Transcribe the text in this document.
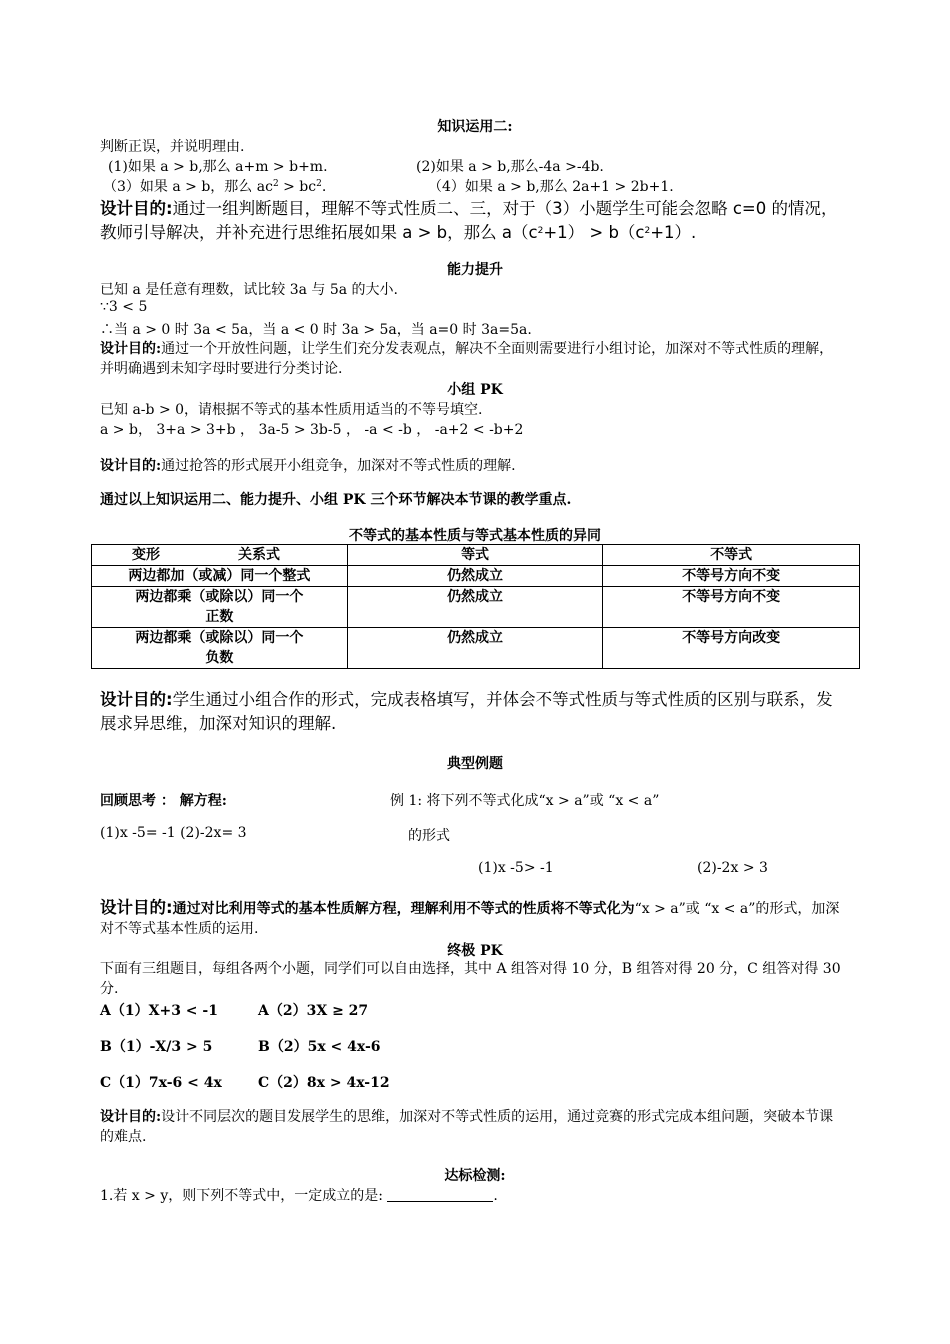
知识运用二:
判断正误，并说明理由.
(1)如果 a > b,那么 a+m > b+m.	(2)如果 a > b,那么-4a >-4b.
（3）如果 a > b，那么 $ac^2 > bc^2$.	（4）如果 a > b,那么 2a+1 > 2b+1.
设计目的:通过一组判断题目，理解不等式性质二、三，对于（3）小题学生可能会忽略 c=0 的情况，教师引导解决，并补充进行思维拓展如果 a > b，那么 $a(c^2+1) > b(c^2+1)$.
能力提升
已知 a 是任意有理数，试比较 3a 与 5a 的大小.
∵3 < 5
∴当 a > 0 时 3a < 5a，当 a < 0 时 3a > 5a，当 a=0 时 3a=5a.
设计目的:通过一个开放性问题，让学生们充分发表观点，解决不全面则需要进行小组讨论，加深对不等式性质的理解，并明确遇到未知字母时要进行分类讨论.
小组 PK
已知 a-b > 0，请根据不等式的基本性质用适当的不等号填空.
a > b， 3+a > 3+b ， 3a-5 > 3b-5 ， -a < -b ， -a+2 < -b+2
设计目的:通过抢答的形式展开小组竞争，加深对不等式性质的理解.
通过以上知识运用二、能力提升、小组 PK 三个环节解决本节课的教学重点.
不等式的基本性质与等式基本性质的异同
变形 关系式	等式	不等式
两边都加（或减）同一个整式	仍然成立	不等号方向不变
两边都乘（或除以）同一个正数	仍然成立	不等号方向不变
两边都乘（或除以）同一个负数	仍然成立	不等号方向改变
设计目的:学生通过小组合作的形式，完成表格填写，并体会不等式性质与等式性质的区别与联系，发展求异思维，加深对知识的理解.
典型例题
回顾思考 ： 解方程:	例 1: 将下列不等式化成“x > a”或 “x < a”
(1)x -5= -1 (2)-2x= 3	的形式
(1)x -5> -1	(2)-2x > 3
设计目的:通过对比利用等式的基本性质解方程，理解利用不等式的性质将不等式化为“x > a”或 “x < a”的形式，加深对不等式基本性质的运用.
终极 PK
下面有三组题目，每组各两个小题，同学们可以自由选择，其中 A 组答对得 10 分，B 组答对得 20 分，C 组答对得 30 分.
A（1）X+3 < -1	A（2）3X ≥ 27
B（1）-X/3 > 5	B（2）5x < 4x-6
C（1）7x-6 < 4x	C（2）8x > 4x-12
设计目的:设计不同层次的题目发展学生的思维，加深对不等式性质的运用，通过竞赛的形式完成本组问题，突破本节课的难点.
达标检测:
1.若 x > y，则下列不等式中，一定成立的是:	.
